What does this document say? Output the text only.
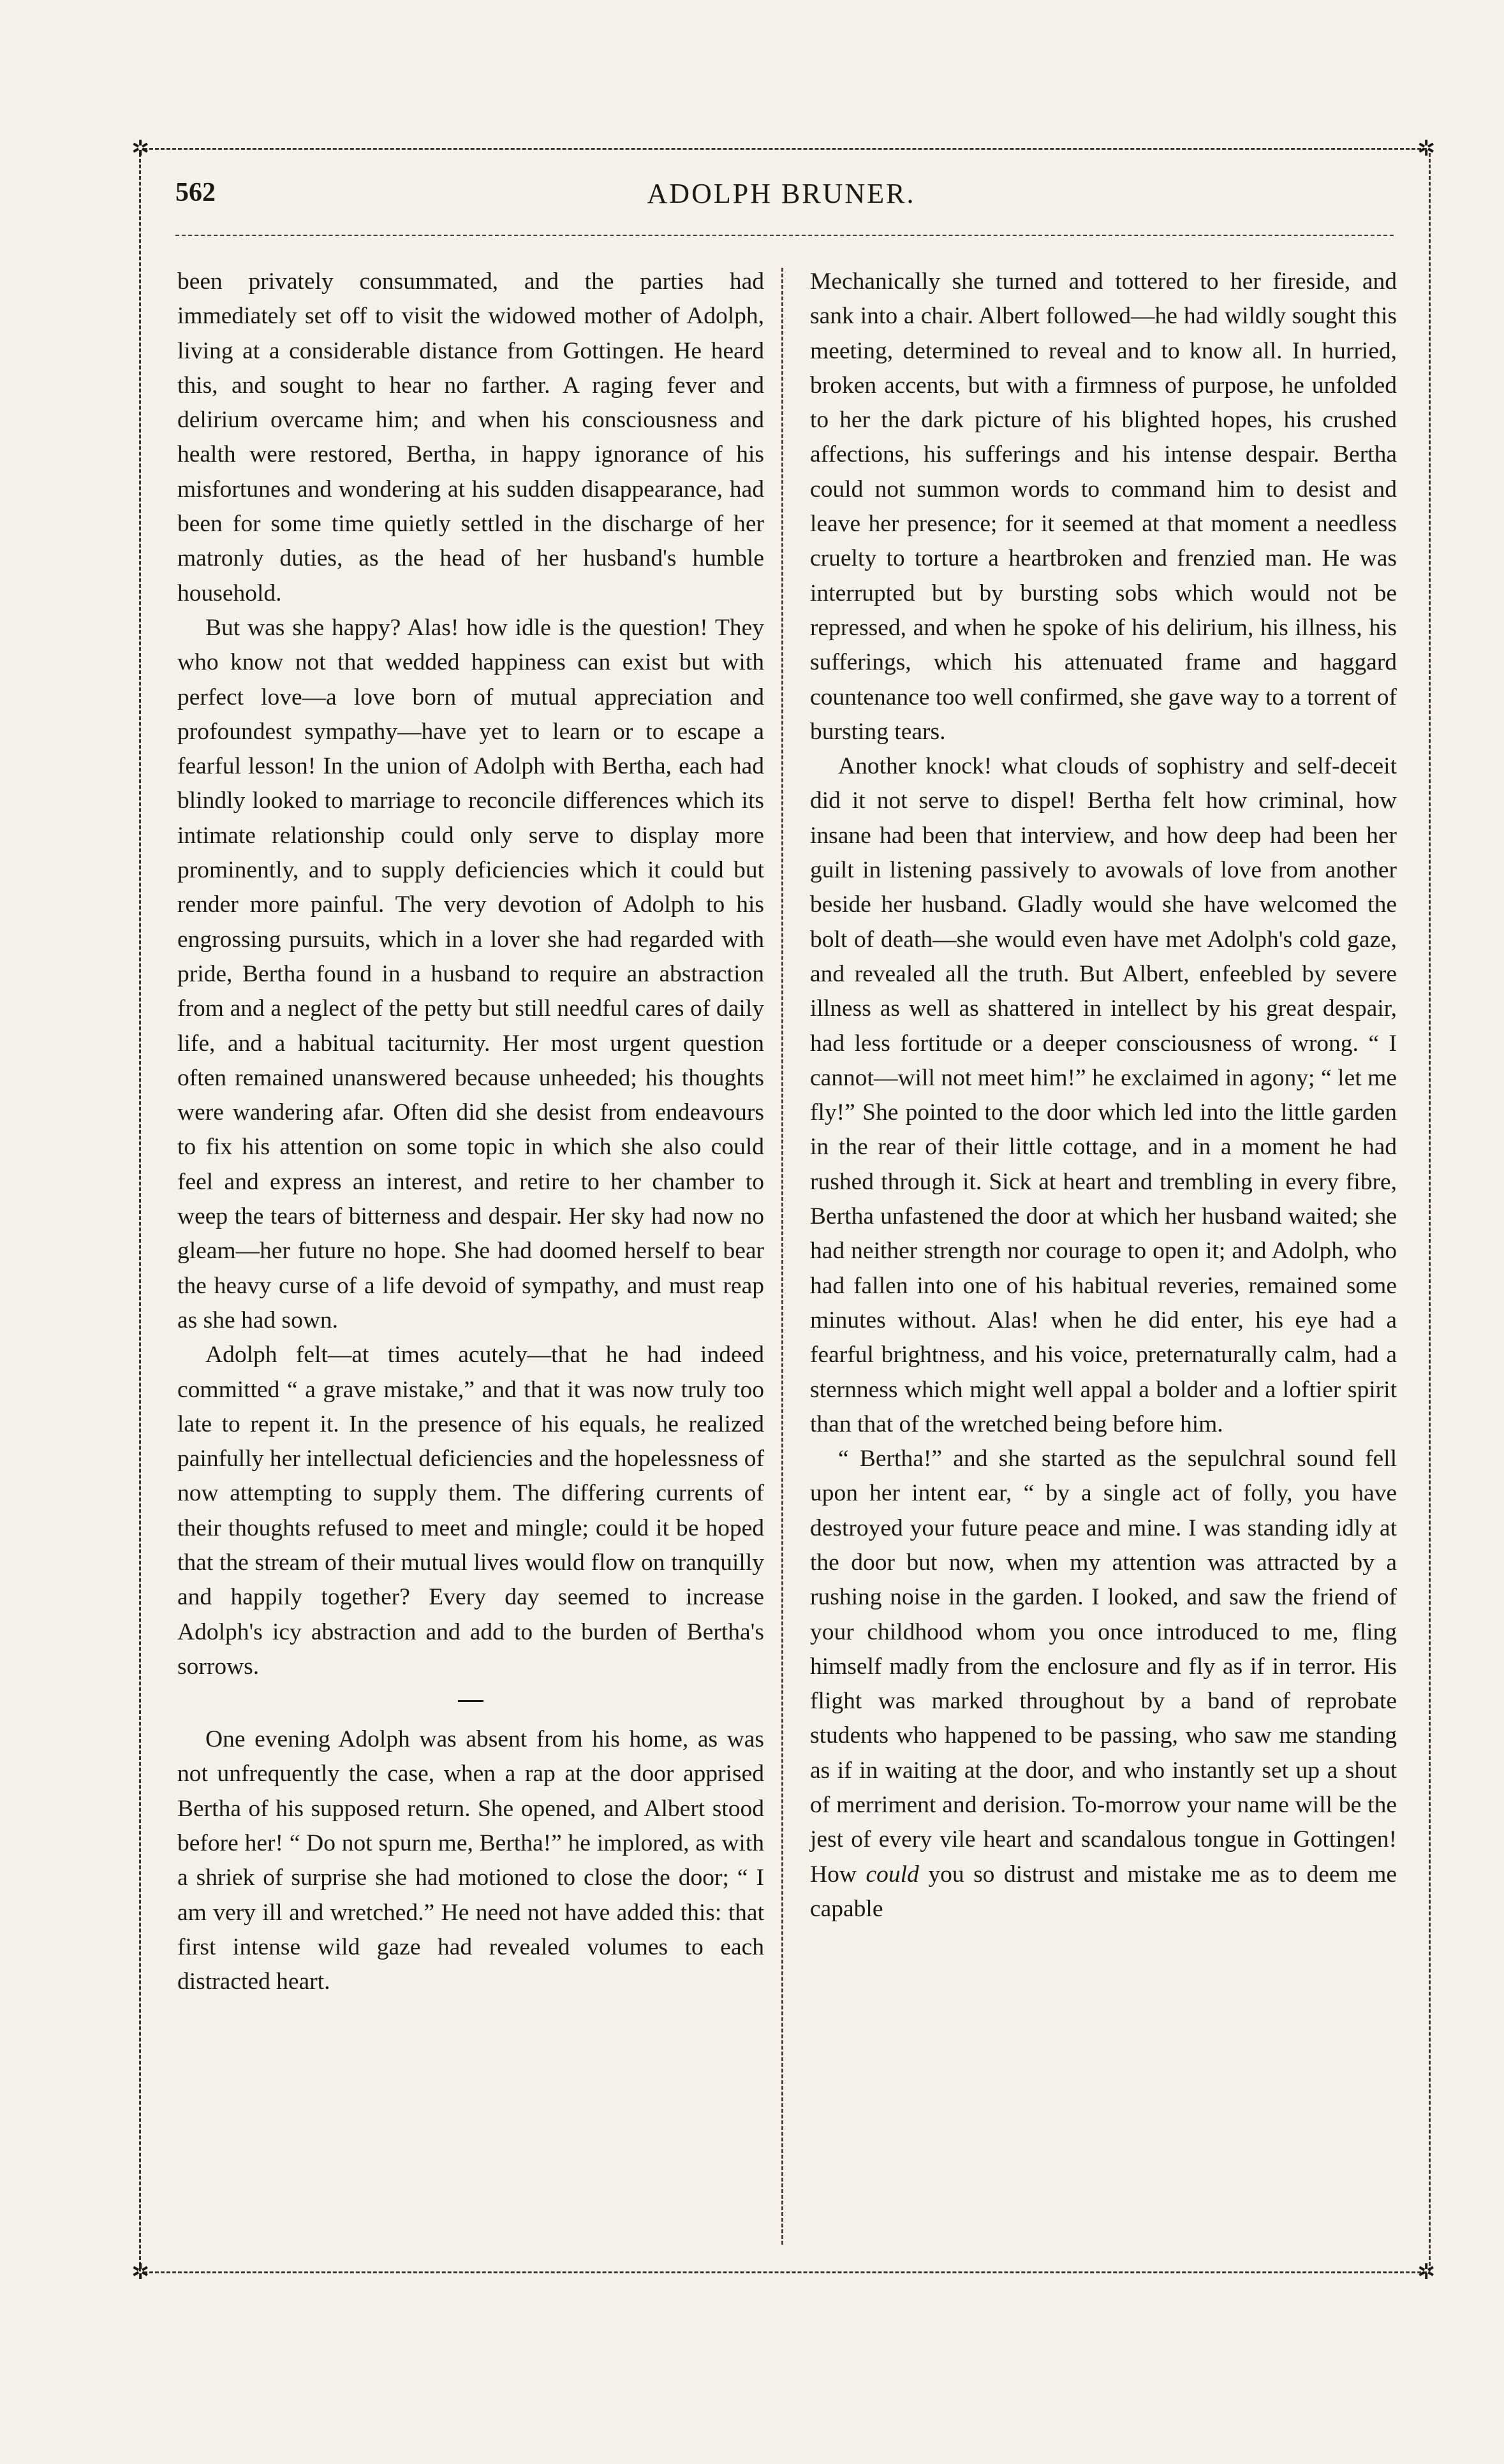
✲	✲
✲	✲
562	ADOLPH BRUNER.

been privately consummated, and the parties had immediately set off to visit the widowed mother of Adolph, living at a considerable distance from Gottingen. He heard this, and sought to hear no farther. A raging fever and delirium overcame him; and when his consciousness and health were restored, Bertha, in happy ignorance of his misfortunes and wondering at his sudden disappearance, had been for some time quietly settled in the discharge of her matronly duties, as the head of her husband's humble household.

But was she happy? Alas! how idle is the question! They who know not that wedded happiness can exist but with perfect love—a love born of mutual appreciation and profoundest sympathy—have yet to learn or to escape a fearful lesson! In the union of Adolph with Bertha, each had blindly looked to marriage to reconcile differences which its intimate relationship could only serve to display more prominently, and to supply deficiencies which it could but render more painful. The very devotion of Adolph to his engrossing pursuits, which in a lover she had regarded with pride, Bertha found in a husband to require an abstraction from and a neglect of the petty but still needful cares of daily life, and a habitual taciturnity. Her most urgent question often remained unanswered because unheeded; his thoughts were wandering afar. Often did she desist from endeavours to fix his attention on some topic in which she also could feel and express an interest, and retire to her chamber to weep the tears of bitterness and despair. Her sky had now no gleam—her future no hope. She had doomed herself to bear the heavy curse of a life devoid of sympathy, and must reap as she had sown.

Adolph felt—at times acutely—that he had indeed committed “ a grave mistake,” and that it was now truly too late to repent it. In the presence of his equals, he realized painfully her intellectual deficiencies and the hopelessness of now attempting to supply them. The differing currents of their thoughts refused to meet and mingle; could it be hoped that the stream of their mutual lives would flow on tranquilly and happily together? Every day seemed to increase Adolph's icy abstraction and add to the burden of Bertha's sorrows.

One evening Adolph was absent from his home, as was not unfrequently the case, when a rap at the door apprised Bertha of his supposed return. She opened, and Albert stood before her! “ Do not spurn me, Bertha!” he implored, as with a shriek of surprise she had motioned to close the door; “ I am very ill and wretched.” He need not have added this: that first intense wild gaze had revealed volumes to each distracted heart.

Mechanically she turned and tottered to her fireside, and sank into a chair. Albert followed—he had wildly sought this meeting, determined to reveal and to know all. In hurried, broken accents, but with a firmness of purpose, he unfolded to her the dark picture of his blighted hopes, his crushed affections, his sufferings and his intense despair. Bertha could not summon words to command him to desist and leave her presence; for it seemed at that moment a needless cruelty to torture a heartbroken and frenzied man. He was interrupted but by bursting sobs which would not be repressed, and when he spoke of his delirium, his illness, his sufferings, which his attenuated frame and haggard countenance too well confirmed, she gave way to a torrent of bursting tears.

Another knock! what clouds of sophistry and self-deceit did it not serve to dispel! Bertha felt how criminal, how insane had been that interview, and how deep had been her guilt in listening passively to avowals of love from another beside her husband. Gladly would she have welcomed the bolt of death—she would even have met Adolph's cold gaze, and revealed all the truth. But Albert, enfeebled by severe illness as well as shattered in intellect by his great despair, had less fortitude or a deeper consciousness of wrong. “ I cannot—will not meet him!” he exclaimed in agony; “ let me fly!” She pointed to the door which led into the little garden in the rear of their little cottage, and in a moment he had rushed through it. Sick at heart and trembling in every fibre, Bertha unfastened the door at which her husband waited; she had neither strength nor courage to open it; and Adolph, who had fallen into one of his habitual reveries, remained some minutes without. Alas! when he did enter, his eye had a fearful brightness, and his voice, preternaturally calm, had a sternness which might well appal a bolder and a loftier spirit than that of the wretched being before him.

“ Bertha!” and she started as the sepulchral sound fell upon her intent ear, “ by a single act of folly, you have destroyed your future peace and mine. I was standing idly at the door but now, when my attention was attracted by a rushing noise in the garden. I looked, and saw the friend of your childhood whom you once introduced to me, fling himself madly from the enclosure and fly as if in terror. His flight was marked throughout by a band of reprobate students who happened to be passing, who saw me standing as if in waiting at the door, and who instantly set up a shout of merriment and derision. To-morrow your name will be the jest of every vile heart and scandalous tongue in Gottingen! How could you so distrust and mistake me as to deem me capable
